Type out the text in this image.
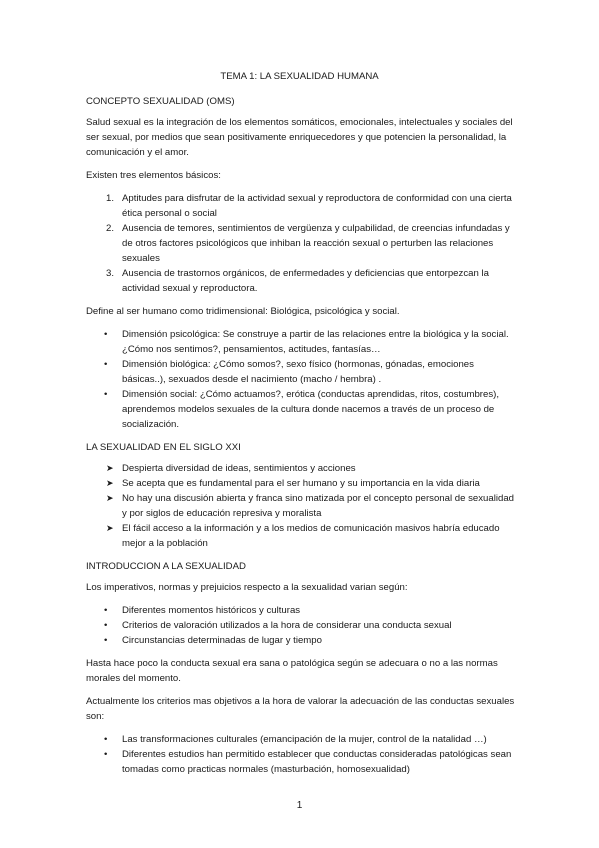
TEMA 1: LA SEXUALIDAD HUMANA
CONCEPTO SEXUALIDAD (OMS)
Salud sexual es la integración de los elementos somáticos, emocionales, intelectuales y sociales del ser sexual, por medios que sean positivamente enriquecedores y que potencien la personalidad, la comunicación y el amor.
Existen tres elementos básicos:
1. Aptitudes para disfrutar de la actividad sexual y reproductora de conformidad con una cierta ética personal o social
2. Ausencia de temores, sentimientos de vergüenza y culpabilidad, de creencias infundadas y de otros factores psicológicos que inhiban la reacción sexual o perturben las relaciones sexuales
3. Ausencia de trastornos orgánicos, de enfermedades y deficiencias que entorpezcan la actividad sexual y reproductora.
Define al ser humano como tridimensional: Biológica, psicológica y social.
• Dimensión psicológica: Se construye a partir de las relaciones entre la biológica y la social. ¿Cómo nos sentimos?, pensamientos, actitudes, fantasías…
• Dimensión biológica: ¿Cómo somos?, sexo físico (hormonas, gónadas, emociones básicas..), sexuados desde el nacimiento (macho / hembra) .
• Dimensión social: ¿Cómo actuamos?, erótica (conductas aprendidas, ritos, costumbres), aprendemos modelos sexuales de la cultura donde nacemos a través de un proceso de socialización.
LA SEXUALIDAD EN EL SIGLO XXI
➤ Despierta diversidad de ideas, sentimientos y acciones
➤ Se acepta que es fundamental para el ser humano y su importancia en la vida diaria
➤ No hay una discusión abierta y franca sino matizada por el concepto personal de sexualidad y por siglos de educación represiva y moralista
➤ El fácil acceso a la información y a los medios de comunicación masivos habría educado mejor a la población
INTRODUCCION A LA SEXUALIDAD
Los imperativos, normas y prejuicios respecto a la sexualidad varian según:
• Diferentes momentos históricos y culturas
• Criterios de valoración utilizados a la hora de considerar una conducta sexual
• Circunstancias determinadas de lugar y tiempo
Hasta hace poco la conducta sexual era sana o patológica según se adecuara o no a las normas morales del momento.
Actualmente los criterios mas objetivos a la hora de valorar la adecuación de las conductas sexuales son:
• Las transformaciones culturales (emancipación de la mujer, control de la natalidad …)
• Diferentes estudios han permitido establecer que conductas consideradas patológicas sean tomadas como practicas normales (masturbación, homosexualidad)
1
